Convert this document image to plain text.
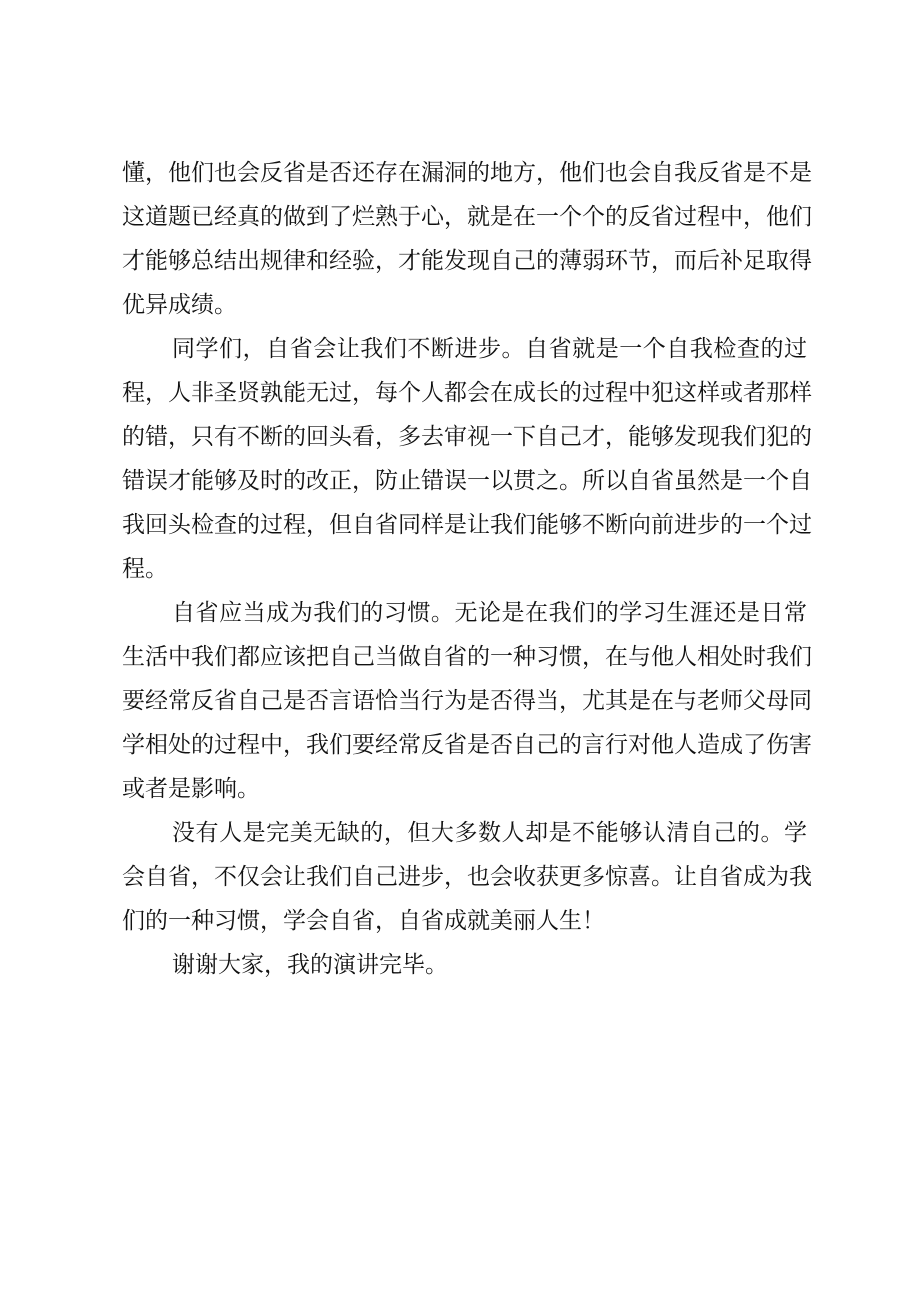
懂，他们也会反省是否还存在漏洞的地方，他们也会自我反省是不是
这道题已经真的做到了烂熟于心，就是在一个个的反省过程中，他们
才能够总结出规律和经验，才能发现自己的薄弱环节，而后补足取得
优异成绩。
同学们，自省会让我们不断进步。自省就是一个自我检查的过
程，人非圣贤孰能无过，每个人都会在成长的过程中犯这样或者那样
的错，只有不断的回头看，多去审视一下自己才，能够发现我们犯的
错误才能够及时的改正，防止错误一以贯之。所以自省虽然是一个自
我回头检查的过程，但自省同样是让我们能够不断向前进步的一个过
程。
自省应当成为我们的习惯。无论是在我们的学习生涯还是日常
生活中我们都应该把自己当做自省的一种习惯，在与他人相处时我们
要经常反省自己是否言语恰当行为是否得当，尤其是在与老师父母同
学相处的过程中，我们要经常反省是否自己的言行对他人造成了伤害
或者是影响。
没有人是完美无缺的，但大多数人却是不能够认清自己的。学
会自省，不仅会让我们自己进步，也会收获更多惊喜。让自省成为我
们的一种习惯，学会自省，自省成就美丽人生！
谢谢大家，我的演讲完毕。
